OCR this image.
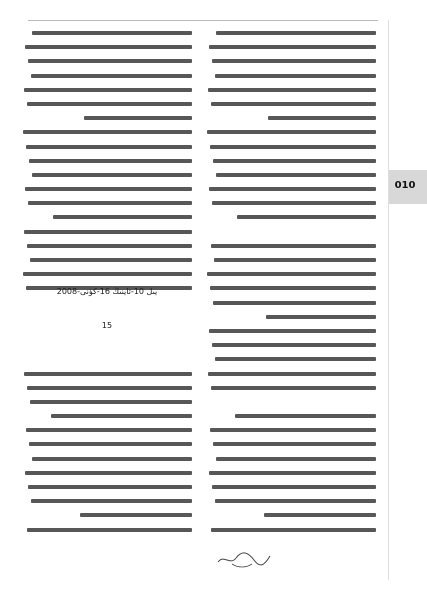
2008-يىل 10-ئاينىڭ 16-كۈنى
15
010
